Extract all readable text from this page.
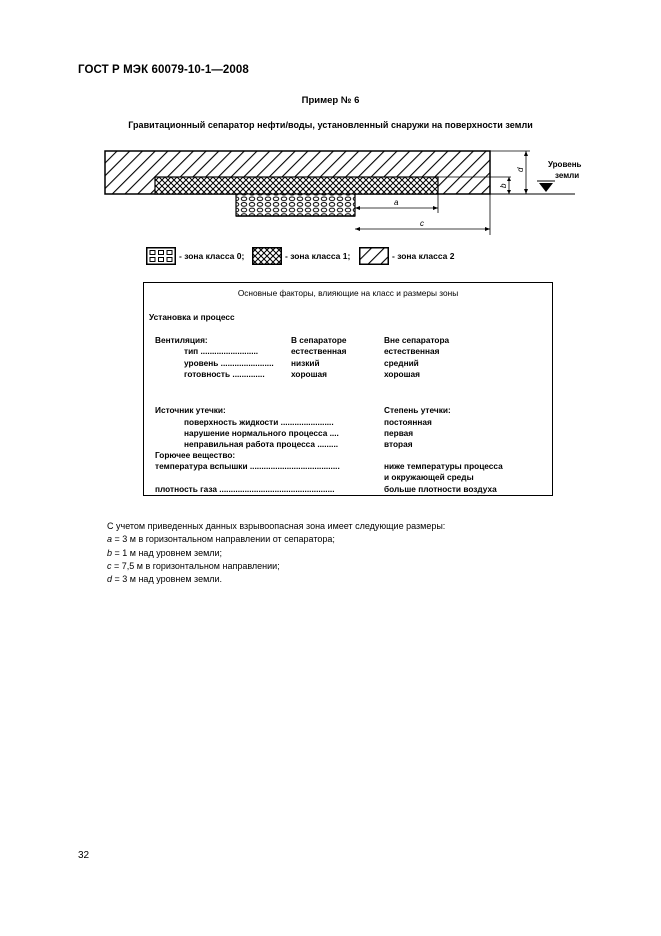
ГОСТ Р МЭК 60079-10-1—2008
Пример № 6
Гравитационный сепаратор нефти/воды, установленный снаружи на поверхности земли
Уровень
земли
d
b
а
с
- зона класса 0;	- зона класса 1;	- зона класса 2
Основные факторы, влияющие на класс и размеры зоны
Установка и процесс
Вентиляция:	В сепараторе	Вне сепаратора
тип .........................	естественная	естественная
уровень ....................... низкий	средний
готовность ..............	хорошая	хорошая
Источник утечки:	Степень утечки:
поверхность жидкости .......................	постоянная
нарушение нормального процесса ....	первая
неправильная работа процесса .........	вторая
Горючее вещество:
температура вспышки .......................................	ниже температуры процесса
и окружающей среды
плотность газа ..................................................	больше плотности воздуха
С учетом приведенных данных взрывоопасная зона имеет следующие размеры:
а = 3 м в горизонтальном направлении от сепаратора;
b = 1 м над уровнем земли;
с = 7,5 м в горизонтальном направлении;
d = 3 м над уровнем земли.
32
